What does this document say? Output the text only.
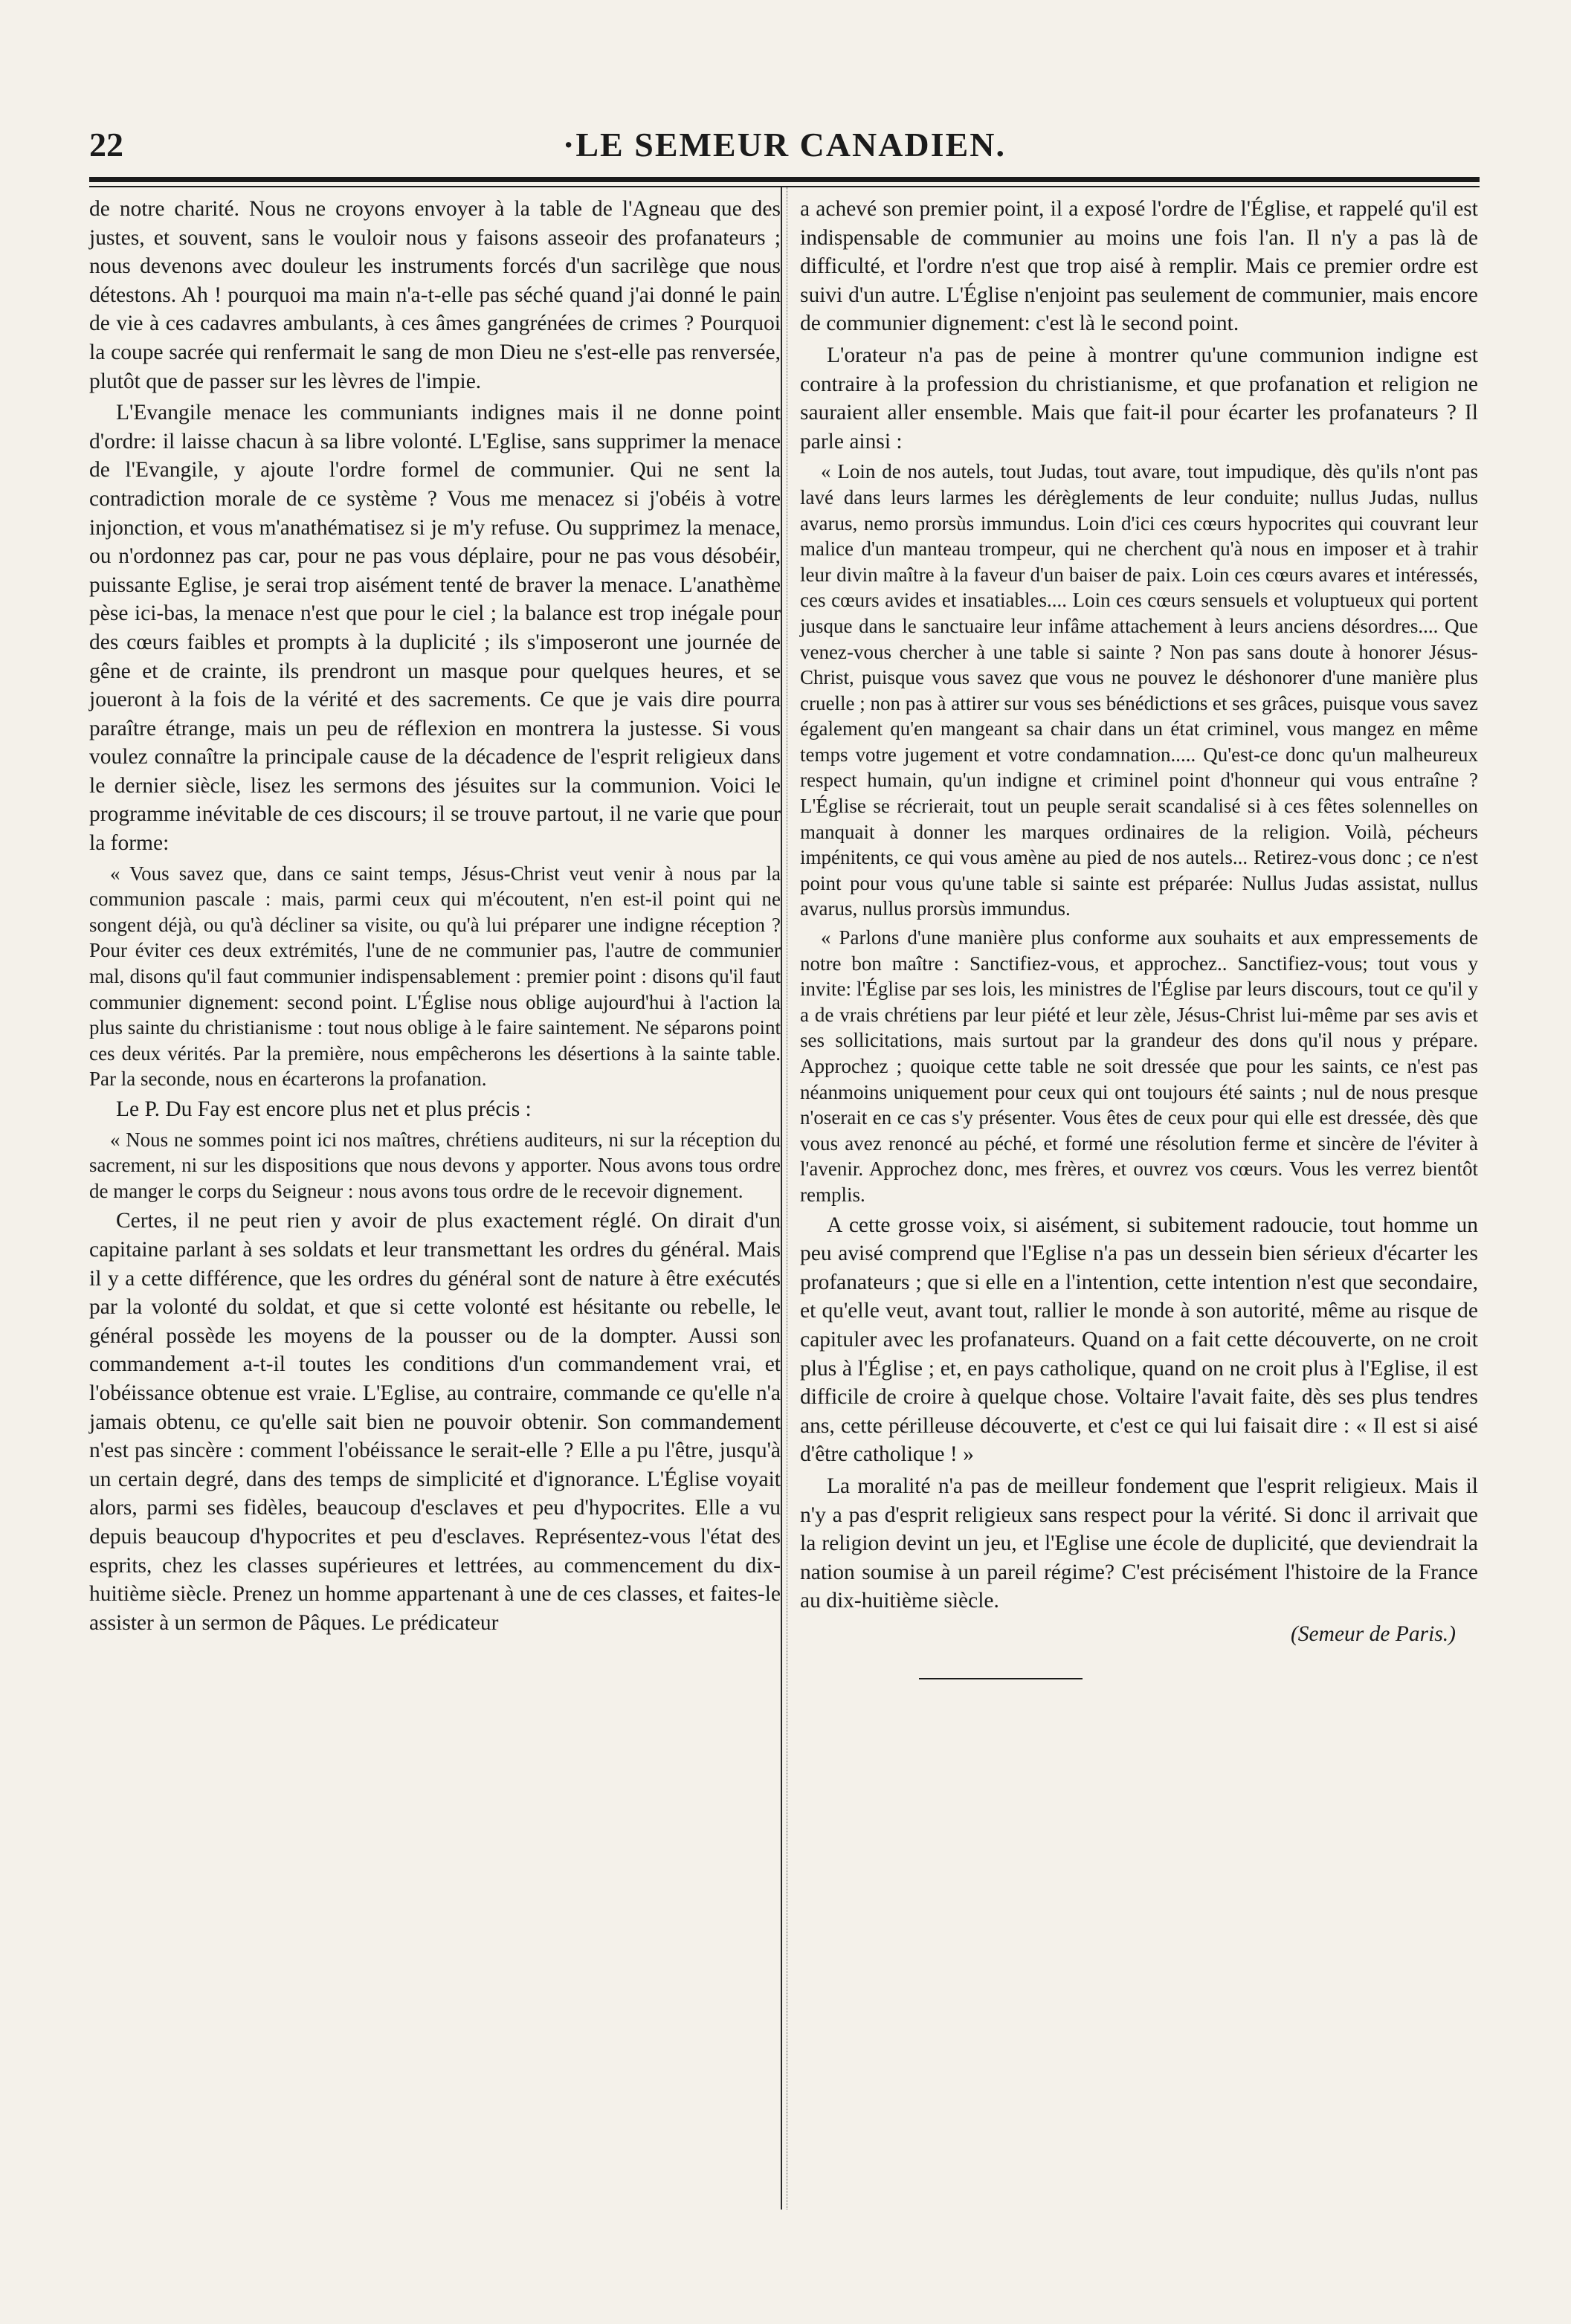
22	·LE SEMEUR CANADIEN.

de notre charité. Nous ne croyons envoyer à la table de l'Agneau que des justes, et souvent, sans le vouloir nous y faisons asseoir des profanateurs ; nous devenons avec douleur les instruments forcés d'un sacrilège que nous détestons. Ah ! pourquoi ma main n'a-t-elle pas séché quand j'ai donné le pain de vie à ces cadavres ambulants, à ces âmes gangrénées de crimes ? Pourquoi la coupe sacrée qui renfermait le sang de mon Dieu ne s'est-elle pas renversée, plutôt que de passer sur les lèvres de l'impie.

L'Evangile menace les communiants indignes mais il ne donne point d'ordre: il laisse chacun à sa libre volonté. L'Eglise, sans supprimer la menace de l'Evangile, y ajoute l'ordre formel de communier. Qui ne sent la contradiction morale de ce système ? Vous me menacez si j'obéis à votre injonction, et vous m'anathématisez si je m'y refuse. Ou supprimez la menace, ou n'ordonnez pas car, pour ne pas vous déplaire, pour ne pas vous désobéir, puissante Eglise, je serai trop aisément tenté de braver la menace. L'anathème pèse ici-bas, la menace n'est que pour le ciel ; la balance est trop inégale pour des cœurs faibles et prompts à la duplicité ; ils s'imposeront une journée de gêne et de crainte, ils prendront un masque pour quelques heures, et se joueront à la fois de la vérité et des sacrements. Ce que je vais dire pourra paraître étrange, mais un peu de réflexion en montrera la justesse. Si vous voulez connaître la principale cause de la décadence de l'esprit religieux dans le dernier siècle, lisez les sermons des jésuites sur la communion. Voici le programme inévitable de ces discours; il se trouve partout, il ne varie que pour la forme:

« Vous savez que, dans ce saint temps, Jésus-Christ veut venir à nous par la communion pascale : mais, parmi ceux qui m'écoutent, n'en est-il point qui ne songent déjà, ou qu'à décliner sa visite, ou qu'à lui préparer une indigne réception ? Pour éviter ces deux extrémités, l'une de ne communier pas, l'autre de communier mal, disons qu'il faut communier indispensablement : premier point : disons qu'il faut communier dignement: second point. L'Église nous oblige aujourd'hui à l'action la plus sainte du christianisme : tout nous oblige à le faire saintement. Ne séparons point ces deux vérités. Par la première, nous empêcherons les désertions à la sainte table. Par la seconde, nous en écarterons la profanation.

Le P. Du Fay est encore plus net et plus précis :

« Nous ne sommes point ici nos maîtres, chrétiens auditeurs, ni sur la réception du sacrement, ni sur les dispositions que nous devons y apporter. Nous avons tous ordre de manger le corps du Seigneur : nous avons tous ordre de le recevoir dignement.

Certes, il ne peut rien y avoir de plus exactement réglé. On dirait d'un capitaine parlant à ses soldats et leur transmettant les ordres du général. Mais il y a cette différence, que les ordres du général sont de nature à être exécutés par la volonté du soldat, et que si cette volonté est hésitante ou rebelle, le général possède les moyens de la pousser ou de la dompter. Aussi son commandement a-t-il toutes les conditions d'un commandement vrai, et l'obéissance obtenue est vraie. L'Eglise, au contraire, commande ce qu'elle n'a jamais obtenu, ce qu'elle sait bien ne pouvoir obtenir. Son commandement n'est pas sincère : comment l'obéissance le serait-elle ? Elle a pu l'être, jusqu'à un certain degré, dans des temps de simplicité et d'ignorance. L'Église voyait alors, parmi ses fidèles, beaucoup d'esclaves et peu d'hypocrites. Elle a vu depuis beaucoup d'hypocrites et peu d'esclaves. Représentez-vous l'état des esprits, chez les classes supérieures et lettrées, au commencement du dix-huitième siècle. Prenez un homme appartenant à une de ces classes, et faites-le assister à un sermon de Pâques. Le prédicateur

a achevé son premier point, il a exposé l'ordre de l'Église, et rappelé qu'il est indispensable de communier au moins une fois l'an. Il n'y a pas là de difficulté, et l'ordre n'est que trop aisé à remplir. Mais ce premier ordre est suivi d'un autre. L'Église n'enjoint pas seulement de communier, mais encore de communier dignement: c'est là le second point.

L'orateur n'a pas de peine à montrer qu'une communion indigne est contraire à la profession du christianisme, et que profanation et religion ne sauraient aller ensemble. Mais que fait-il pour écarter les profanateurs ? Il parle ainsi :

« Loin de nos autels, tout Judas, tout avare, tout impudique, dès qu'ils n'ont pas lavé dans leurs larmes les dérèglements de leur conduite; nullus Judas, nullus avarus, nemo prorsùs immundus. Loin d'ici ces cœurs hypocrites qui couvrant leur malice d'un manteau trompeur, qui ne cherchent qu'à nous en imposer et à trahir leur divin maître à la faveur d'un baiser de paix. Loin ces cœurs avares et intéressés, ces cœurs avides et insatiables.... Loin ces cœurs sensuels et voluptueux qui portent jusque dans le sanctuaire leur infâme attachement à leurs anciens désordres.... Que venez-vous chercher à une table si sainte ? Non pas sans doute à honorer Jésus-Christ, puisque vous savez que vous ne pouvez le déshonorer d'une manière plus cruelle ; non pas à attirer sur vous ses bénédictions et ses grâces, puisque vous savez également qu'en mangeant sa chair dans un état criminel, vous mangez en même temps votre jugement et votre condamnation..... Qu'est-ce donc qu'un malheureux respect humain, qu'un indigne et criminel point d'honneur qui vous entraîne ? L'Église se récrierait, tout un peuple serait scandalisé si à ces fêtes solennelles on manquait à donner les marques ordinaires de la religion. Voilà, pécheurs impénitents, ce qui vous amène au pied de nos autels... Retirez-vous donc ; ce n'est point pour vous qu'une table si sainte est préparée: Nullus Judas assistat, nullus avarus, nullus prorsùs immundus.

« Parlons d'une manière plus conforme aux souhaits et aux empressements de notre bon maître : Sanctifiez-vous, et approchez.. Sanctifiez-vous; tout vous y invite: l'Église par ses lois, les ministres de l'Église par leurs discours, tout ce qu'il y a de vrais chrétiens par leur piété et leur zèle, Jésus-Christ lui-même par ses avis et ses sollicitations, mais surtout par la grandeur des dons qu'il nous y prépare. Approchez ; quoique cette table ne soit dressée que pour les saints, ce n'est pas néanmoins uniquement pour ceux qui ont toujours été saints ; nul de nous presque n'oserait en ce cas s'y présenter. Vous êtes de ceux pour qui elle est dressée, dès que vous avez renoncé au péché, et formé une résolution ferme et sincère de l'éviter à l'avenir. Approchez donc, mes frères, et ouvrez vos cœurs. Vous les verrez bientôt remplis.

A cette grosse voix, si aisément, si subitement radoucie, tout homme un peu avisé comprend que l'Eglise n'a pas un dessein bien sérieux d'écarter les profanateurs ; que si elle en a l'intention, cette intention n'est que secondaire, et qu'elle veut, avant tout, rallier le monde à son autorité, même au risque de capituler avec les profanateurs. Quand on a fait cette découverte, on ne croit plus à l'Église ; et, en pays catholique, quand on ne croit plus à l'Eglise, il est difficile de croire à quelque chose. Voltaire l'avait faite, dès ses plus tendres ans, cette périlleuse découverte, et c'est ce qui lui faisait dire : « Il est si aisé d'être catholique ! »

La moralité n'a pas de meilleur fondement que l'esprit religieux. Mais il n'y a pas d'esprit religieux sans respect pour la vérité. Si donc il arrivait que la religion devint un jeu, et l'Eglise une école de duplicité, que deviendrait la nation soumise à un pareil régime? C'est précisément l'histoire de la France au dix-huitième siècle.

(Semeur de Paris.)
